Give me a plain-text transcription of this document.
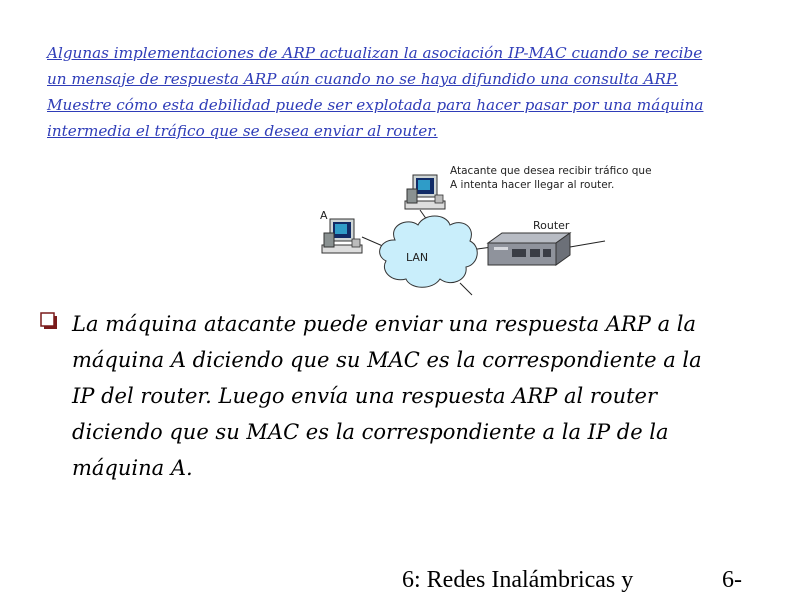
Algunas implementaciones de ARP actualizan la asociación IP-MAC cuando se recibe
un mensaje de respuesta ARP aún cuando no se haya difundido una consulta ARP.
Muestre cómo esta debilidad puede ser explotada para hacer pasar por una máquina
intermedia el tráfico que se desea enviar al router.
LAN
A
Atacante que desea recibir tráfico que
A intenta hacer llegar al router.
Router
La máquina atacante puede enviar una respuesta ARP a la
máquina A diciendo que su MAC es la correspondiente a la
IP del router. Luego envía una respuesta ARP al router
diciendo que su MAC es la correspondiente a la IP de la
máquina A.

6: Redes Inalámbricas y	6-
